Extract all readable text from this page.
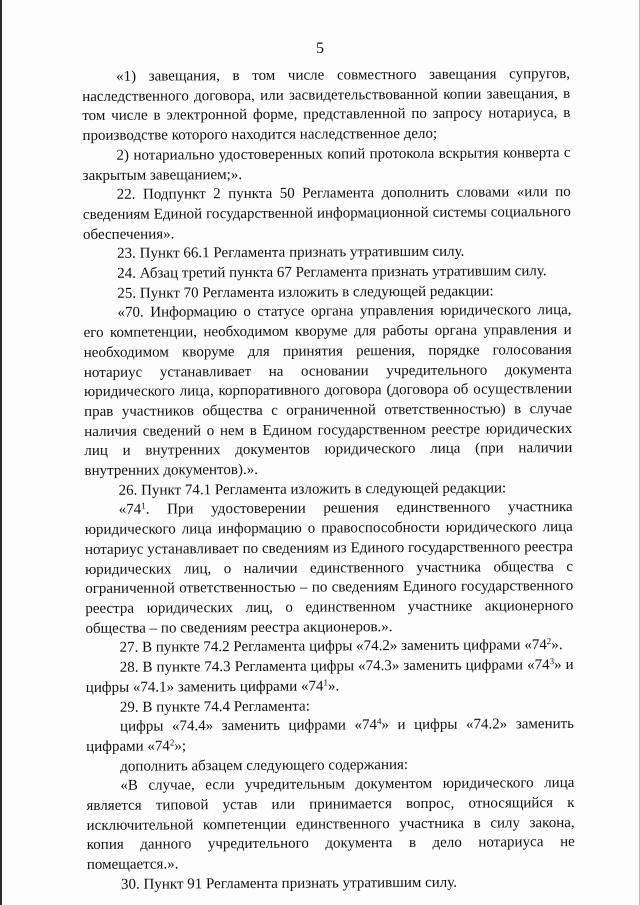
5

«1) завещания, в том числе совместного завещания супругов, наследственного договора, или засвидетельствованной копии завещания, в том числе в электронной форме, представленной по запросу нотариуса, в производстве которого находится наследственное дело;

2) нотариально удостоверенных копий протокола вскрытия конверта с закрытым завещанием;».

22. Подпункт 2 пункта 50 Регламента дополнить словами «или по сведениям Единой государственной информационной системы социального обеспечения».

23. Пункт 66.1 Регламента признать утратившим силу.

24. Абзац третий пункта 67 Регламента признать утратившим силу.

25. Пункт 70 Регламента изложить в следующей редакции:

«70. Информацию о статусе органа управления юридического лица, его компетенции, необходимом кворуме для работы органа управления и необходимом кворуме для принятия решения, порядке голосования нотариус устанавливает на основании учредительного документа юридического лица, корпоративного договора (договора об осуществлении прав участников общества с ограниченной ответственностью) в случае наличия сведений о нем в Едином государственном реестре юридических лиц и внутренних документов юридического лица (при наличии внутренних документов).».

26. Пункт 74.1 Регламента изложить в следующей редакции:

«$74^1$. При удостоверении решения единственного участника юридического лица информацию о правоспособности юридического лица нотариус устанавливает по сведениям из Единого государственного реестра юридических лиц, о наличии единственного участника общества с ограниченной ответственностью – по сведениям Единого государственного реестра юридических лиц, о единственном участнике акционерного общества – по сведениям реестра акционеров.».

27. В пункте 74.2 Регламента цифры «74.2» заменить цифрами «$74^2$».

28. В пункте 74.3 Регламента цифры «74.3» заменить цифрами «$74^3$» и цифры «74.1» заменить цифрами «$74^1$».

29. В пункте 74.4 Регламента:

цифры «74.4» заменить цифрами «$74^4$» и цифры «74.2» заменить цифрами «$74^2$»;

дополнить абзацем следующего содержания:

«В случае, если учредительным документом юридического лица является типовой устав или принимается вопрос, относящийся к исключительной компетенции единственного участника в силу закона, копия данного учредительного документа в дело нотариуса не помещается.».

30. Пункт 91 Регламента признать утратившим силу.
